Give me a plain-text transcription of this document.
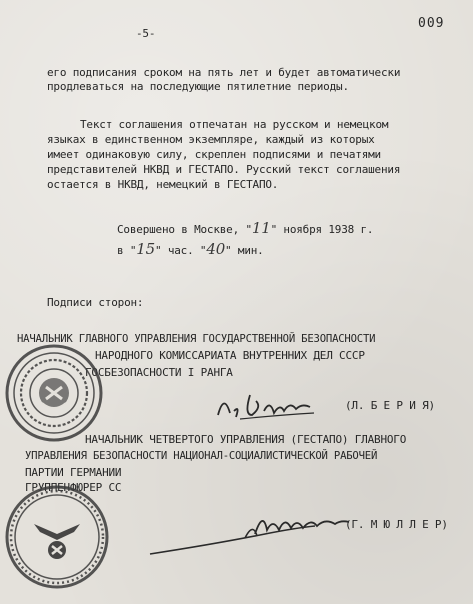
-5-
009
его подписания сроком на пять лет и будет автоматически
продлеваться на последующие пятилетние периоды.
Текст соглашения отпечатан на русском и немецком
языках в единственном экземпляре, каждый из которых
имеет одинаковую силу, скреплен подписями и печатями
представителей НКВД и ГЕСТАПО. Русский текст соглашения
остается в НКВД, немецкий в ГЕСТАПО.
Совершено в Москве, "11" ноября 1938 г.
в "15" час. "40" мин.
Подписи сторон:
НАЧАЛЬНИК ГЛАВНОГО УПРАВЛЕНИЯ ГОСУДАРСТВЕННОЙ БЕЗОПАСНОСТИ
НАРОДНОГО КОМИССАРИАТА ВНУТРЕННИХ ДЕЛ СССР
ГОСБЕЗОПАСНОСТИ I РАНГА
(Л. Б Е Р И Я)
НАЧАЛЬНИК ЧЕТВЕРТОГО УПРАВЛЕНИЯ (ГЕСТАПО) ГЛАВНОГО
УПРАВЛЕНИЯ БЕЗОПАСНОСТИ НАЦИОНАЛ-СОЦИАЛИСТИЧЕСКОЙ РАБОЧЕЙ
ПАРТИИ ГЕРМАНИИ
ГРУППЕНФЮРЕР СС
(Г. М Ю Л Л Е Р)
